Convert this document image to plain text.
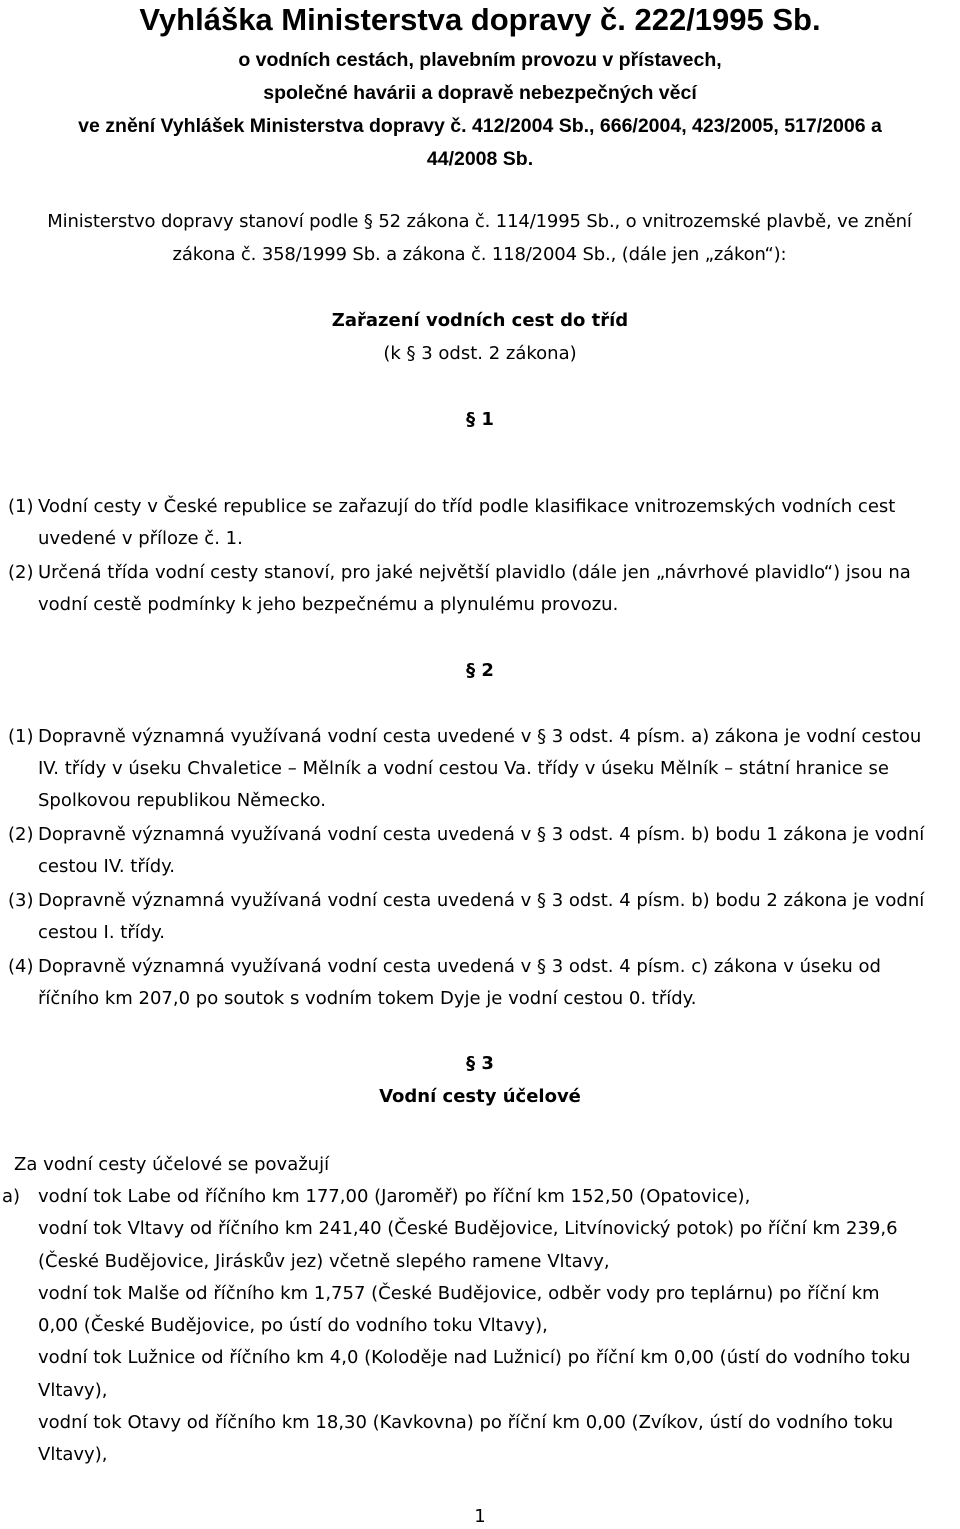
Vyhláška Ministerstva dopravy č. 222/1995 Sb.
o vodních cestách, plavebním provozu v přístavech,
společné havárii a dopravě nebezpečných věcí
ve znění Vyhlášek Ministerstva dopravy č. 412/2004 Sb., 666/2004, 423/2005, 517/2006 a
44/2008 Sb.
Ministerstvo dopravy stanoví podle § 52 zákona č. 114/1995 Sb., o vnitrozemské plavbě, ve znění
zákona č. 358/1999 Sb. a zákona č. 118/2004 Sb., (dále jen „zákon“):
Zařazení vodních cest do tříd
(k § 3 odst. 2 zákona)
§ 1
(1) Vodní cesty v České republice se zařazují do tříd podle klasifikace vnitrozemských vodních cest
uvedené v příloze č. 1.
(2) Určená třída vodní cesty stanoví, pro jaké největší plavidlo (dále jen „návrhové plavidlo“) jsou na
vodní cestě podmínky k jeho bezpečnému a plynulému provozu.
§ 2
(1) Dopravně významná využívaná vodní cesta uvedené v § 3 odst. 4 písm. a) zákona je vodní cestou
IV. třídy v úseku Chvaletice – Mělník a vodní cestou Va. třídy v úseku Mělník – státní hranice se
Spolkovou republikou Německo.
(2) Dopravně významná využívaná vodní cesta uvedená v § 3 odst. 4 písm. b) bodu 1 zákona je vodní
cestou IV. třídy.
(3) Dopravně významná využívaná vodní cesta uvedená v § 3 odst. 4 písm. b) bodu 2 zákona je vodní
cestou I. třídy.
(4) Dopravně významná využívaná vodní cesta uvedená v § 3 odst. 4 písm. c) zákona v úseku od
říčního km 207,0 po soutok s vodním tokem Dyje je vodní cestou 0. třídy.
§ 3
Vodní cesty účelové
Za vodní cesty účelové se považují
a) vodní tok Labe od říčního km 177,00 (Jaroměř) po říční km 152,50 (Opatovice),
vodní tok Vltavy od říčního km 241,40 (České Budějovice, Litvínovický potok) po říční km 239,6
(České Budějovice, Jiráskův jez) včetně slepého ramene Vltavy,
vodní tok Malše od říčního km 1,757 (České Budějovice, odběr vody pro teplárnu) po říční km
0,00 (České Budějovice, po ústí do vodního toku Vltavy),
vodní tok Lužnice od říčního km 4,0 (Koloděje nad Lužnicí) po říční km 0,00 (ústí do vodního toku
Vltavy),
vodní tok Otavy od říčního km 18,30 (Kavkovna) po říční km 0,00 (Zvíkov, ústí do vodního toku
Vltavy),
1
